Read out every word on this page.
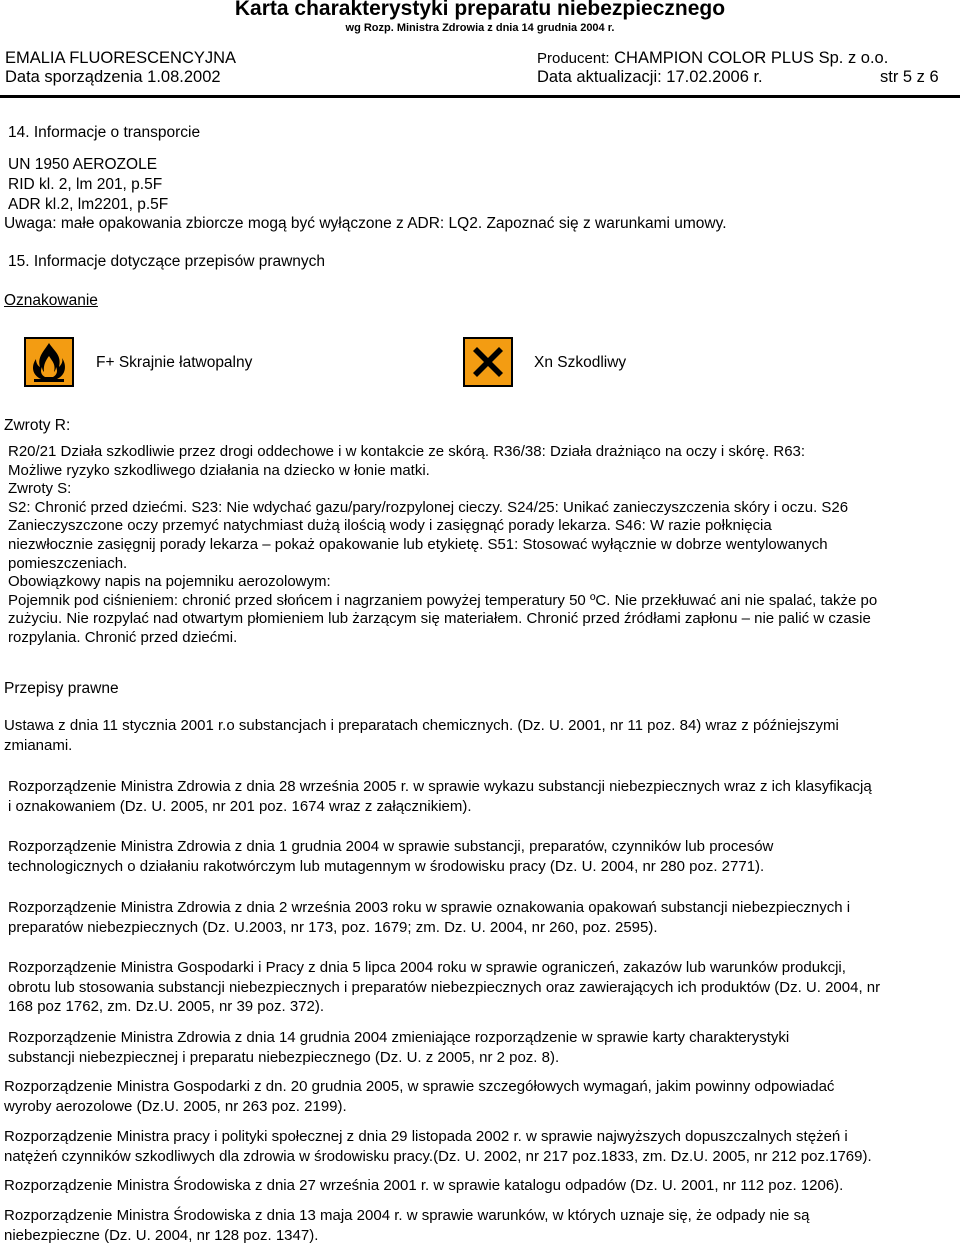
Karta charakterystyki preparatu niebezpiecznego
wg Rozp. Ministra Zdrowia z dnia 14 grudnia 2004 r.
EMALIA FLUORESCENCYJNA	Producent: CHAMPION COLOR PLUS Sp. z o.o.
Data sporządzenia 1.08.2002	Data aktualizacji: 17.02.2006 r.	str 5 z 6
14. Informacje o transporcie
UN 1950 AEROZOLE
RID kl. 2, lm 201, p.5F
ADR kl.2, lm2201, p.5F
Uwaga: małe opakowania zbiorcze mogą być wyłączone z ADR: LQ2. Zapoznać się z warunkami umowy.
15. Informacje dotyczące przepisów prawnych
Oznakowanie
F+ Skrajnie łatwopalny	Xn Szkodliwy
Zwroty R:
R20/21 Działa szkodliwie przez drogi oddechowe i w kontakcie ze skórą. R36/38: Działa drażniąco na oczy i skórę. R63:
Możliwe ryzyko szkodliwego działania na dziecko w łonie matki.
Zwroty S:
S2: Chronić przed dziećmi. S23: Nie wdychać gazu/pary/rozpylonej cieczy. S24/25: Unikać zanieczyszczenia skóry i oczu. S26
Zanieczyszczone oczy przemyć natychmiast dużą ilością wody i zasięgnąć porady lekarza. S46: W razie połknięcia
niezwłocznie zasięgnij porady lekarza – pokaż opakowanie lub etykietę. S51: Stosować wyłącznie w dobrze wentylowanych
pomieszczeniach.
Obowiązkowy napis na pojemniku aerozolowym:
Pojemnik pod ciśnieniem: chronić przed słońcem i nagrzaniem powyżej temperatury 50 ºC. Nie przekłuwać ani nie spalać, także po
zużyciu. Nie rozpylać nad otwartym płomieniem lub żarzącym się materiałem. Chronić przed źródłami zapłonu – nie palić w czasie
rozpylania. Chronić przed dziećmi.
Przepisy prawne
Ustawa z dnia 11 stycznia 2001 r.o substancjach i preparatach chemicznych. (Dz. U. 2001, nr 11 poz. 84) wraz z późniejszymi
zmianami.
Rozporządzenie Ministra Zdrowia z dnia 28 września 2005 r. w sprawie wykazu substancji niebezpiecznych wraz z ich klasyfikacją
i oznakowaniem (Dz. U. 2005, nr 201 poz. 1674 wraz z załącznikiem).
Rozporządzenie Ministra Zdrowia z dnia 1 grudnia 2004 w sprawie substancji, preparatów, czynników lub procesów
technologicznych o działaniu rakotwórczym lub mutagennym w środowisku pracy (Dz. U. 2004, nr 280 poz. 2771).
Rozporządzenie Ministra Zdrowia z dnia 2 września 2003 roku w sprawie oznakowania opakowań substancji niebezpiecznych i
preparatów niebezpiecznych (Dz. U.2003, nr 173, poz. 1679; zm. Dz. U. 2004, nr 260, poz. 2595).
Rozporządzenie Ministra Gospodarki i Pracy z dnia 5 lipca 2004 roku w sprawie ograniczeń, zakazów lub warunków produkcji,
obrotu lub stosowania substancji niebezpiecznych i preparatów niebezpiecznych oraz zawierających ich produktów (Dz. U. 2004, nr
168 poz 1762, zm. Dz.U. 2005, nr 39 poz. 372).
Rozporządzenie Ministra Zdrowia z dnia 14 grudnia 2004 zmieniające rozporządzenie w sprawie karty charakterystyki
substancji niebezpiecznej i preparatu niebezpiecznego (Dz. U. z 2005, nr 2 poz. 8).
Rozporządzenie Ministra Gospodarki z dn. 20 grudnia 2005, w sprawie szczegółowych wymagań, jakim powinny odpowiadać
wyroby aerozolowe (Dz.U. 2005, nr 263 poz. 2199).
Rozporządzenie Ministra pracy i polityki społecznej z dnia 29 listopada 2002 r. w sprawie najwyższych dopuszczalnych stężeń i
natężeń czynników szkodliwych dla zdrowia w środowisku pracy.(Dz. U. 2002, nr 217 poz.1833, zm. Dz.U. 2005, nr 212 poz.1769).
Rozporządzenie Ministra Środowiska z dnia 27 września 2001 r. w sprawie katalogu odpadów (Dz. U. 2001, nr 112 poz. 1206).
Rozporządzenie Ministra Środowiska z dnia 13 maja 2004 r. w sprawie warunków, w których uznaje się, że odpady nie są
niebezpieczne (Dz. U. 2004, nr 128 poz. 1347).
